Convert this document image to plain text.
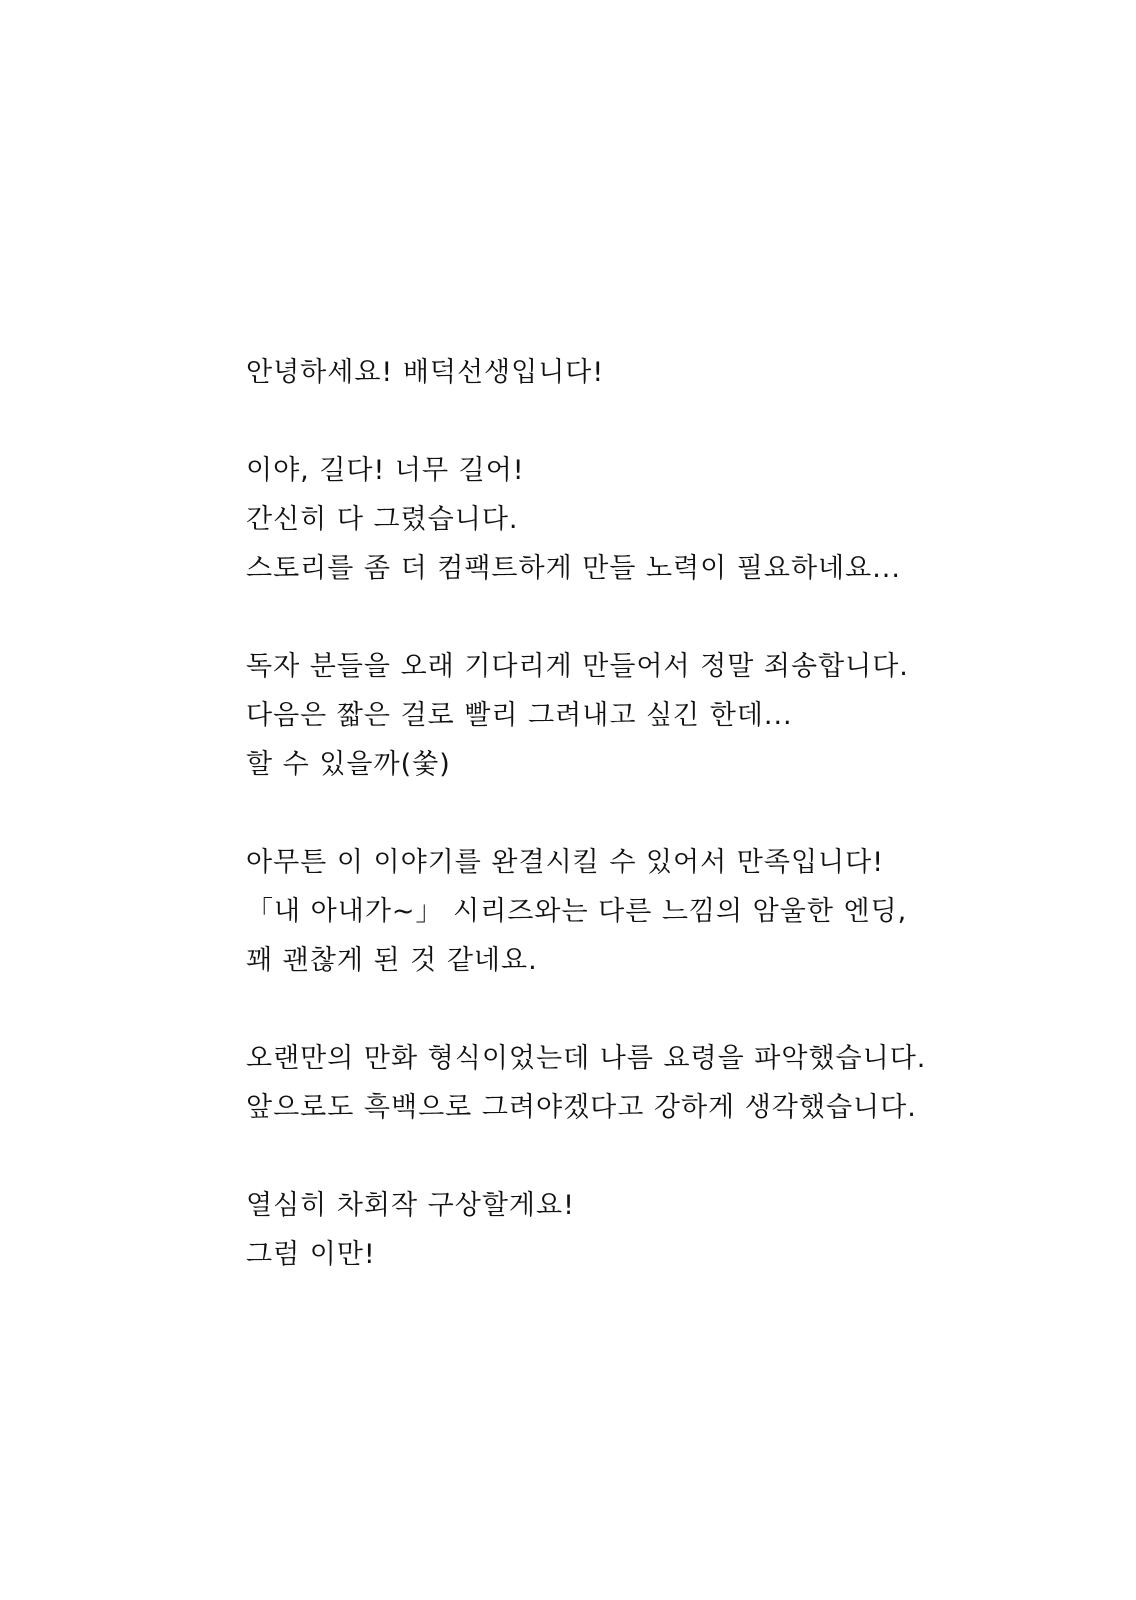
안녕하세요! 배덕선생입니다!

이야, 길다! 너무 길어!
간신히 다 그렸습니다.
스토리를 좀 더 컴팩트하게 만들 노력이 필요하네요...

독자 분들을 오래 기다리게 만들어서 정말 죄송합니다.
다음은 짧은 걸로 빨리 그려내고 싶긴 한데...
할 수 있을까(쑻)

아무튼 이 이야기를 완결시킬 수 있어서 만족입니다!
「내 아내가~」 시리즈와는 다른 느낌의 암울한 엔딩,
꽤 괜찮게 된 것 같네요.

오랜만의 만화 형식이었는데 나름 요령을 파악했습니다.
앞으로도 흑백으로 그려야겠다고 강하게 생각했습니다.

열심히 차회작 구상할게요!
그럼 이만!
